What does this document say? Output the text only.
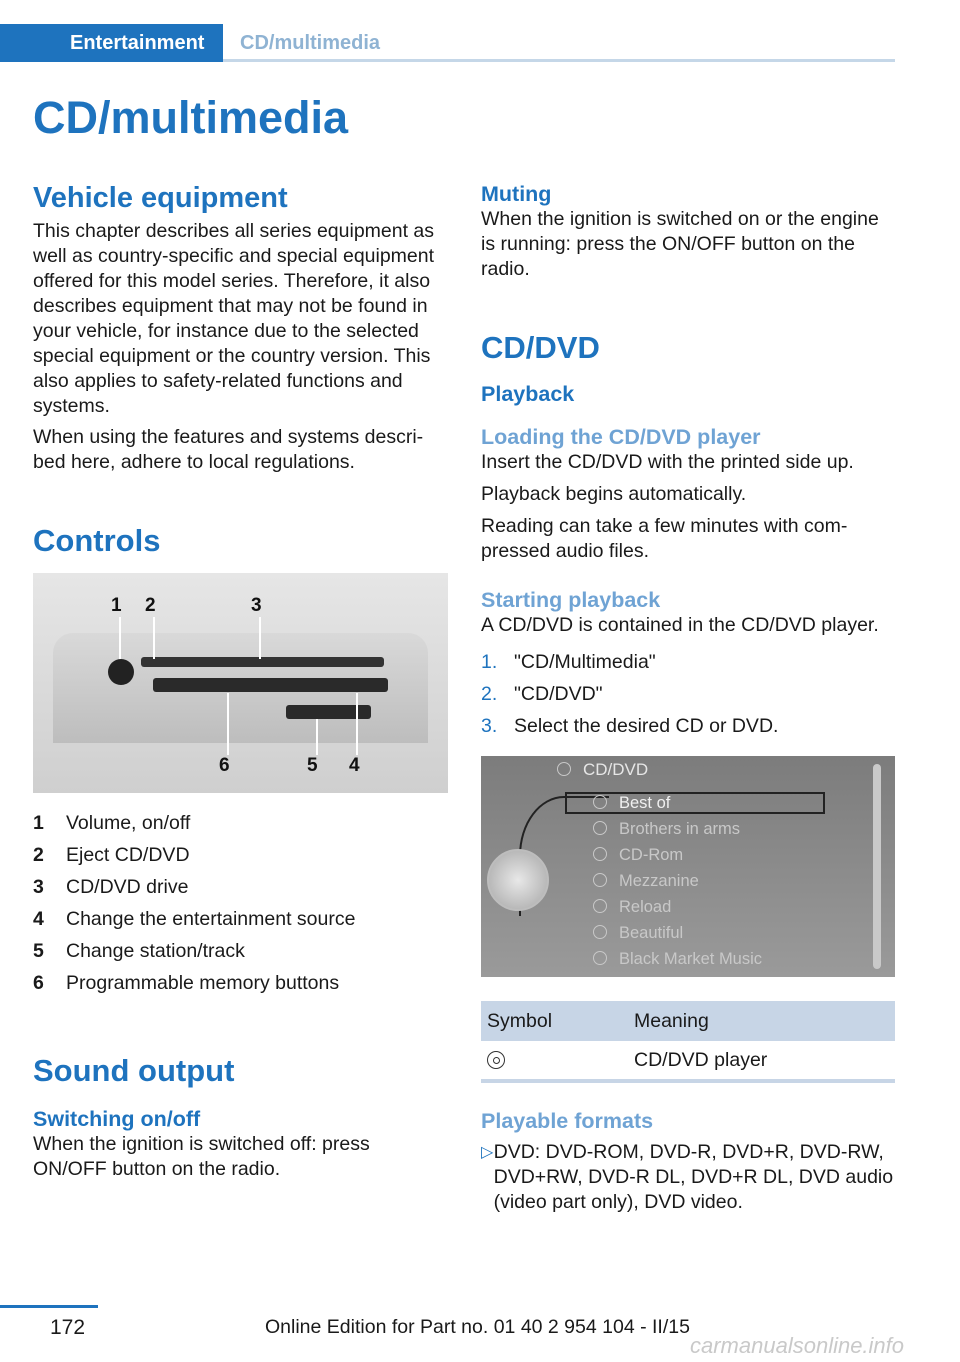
Entertainment	CD/multimedia
CD/multimedia
Vehicle equipment

This chapter describes all series equipment as well as country-specific and special equipment offered for this model series. Therefore, it also describes equipment that may not be found in your vehicle, for instance due to the selected special equipment or the country version. This also applies to safety-related functions and systems.

When using the features and systems descri-bed here, adhere to local regulations.

Controls
1 2	3
6	5 4
1	Volume, on/off
2	Eject CD/DVD
3	CD/DVD drive
4	Change the entertainment source
5	Change station/track
6	Programmable memory buttons
Sound output
Switching on/off

When the ignition is switched off: press ON/OFF button on the radio.

Muting

When the ignition is switched on or the engine is running: press the ON/OFF button on the radio.

CD/DVD
Playback
Loading the CD/DVD player

Insert the CD/DVD with the printed side up.

Playback begins automatically.

Reading can take a few minutes with com-pressed audio files.

Starting playback

A CD/DVD is contained in the CD/DVD player.

1. "CD/Multimedia"
2. "CD/DVD"
3. Select the desired CD or DVD.
CD/DVD
Best of
Brothers in arms
CD-Rom
Mezzanine
Reload
Beautiful
Black Market Music
Symbol	Meaning
	CD/DVD player
Playable formats
▷ DVD: DVD-ROM, DVD-R, DVD+R, DVD-RW, DVD+RW, DVD-R DL, DVD+R DL, DVD audio (video part only), DVD video.
172	Online Edition for Part no. 01 40 2 954 104 - II/15
carmanualsonline.info
